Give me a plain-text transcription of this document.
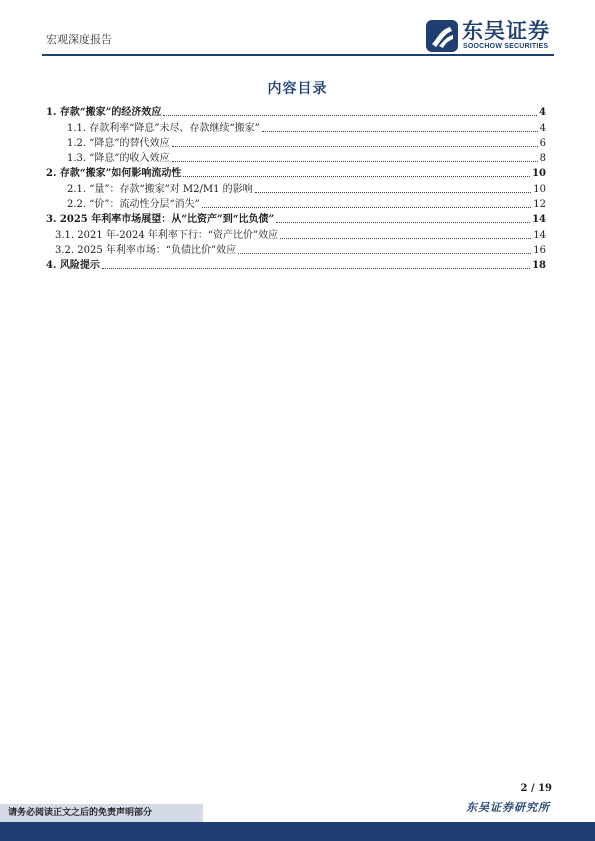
宏观深度报告	东吴证券
SOOCHOW SECURITIES
内容目录
1. 存款“搬家”的经济效应	4
1.1. 存款利率“降息”未尽、存款继续“搬家”	4
1.2. “降息”的替代效应	6
1.3. “降息”的收入效应	8
2. 存款“搬家”如何影响流动性	10
2.1. “量”：存款“搬家”对 M2/M1 的影响	10
2.2. “价”：流动性分层“消失”	12
3. 2025 年利率市场展望：从“比资产”到“比负债”	14
3.1. 2021 年-2024 年利率下行：“资产比价”效应	14
3.2. 2025 年利率市场：“负债比价”效应	16
4. 风险提示	18
2 / 19
东吴证券研究所
请务必阅读正文之后的免责声明部分
